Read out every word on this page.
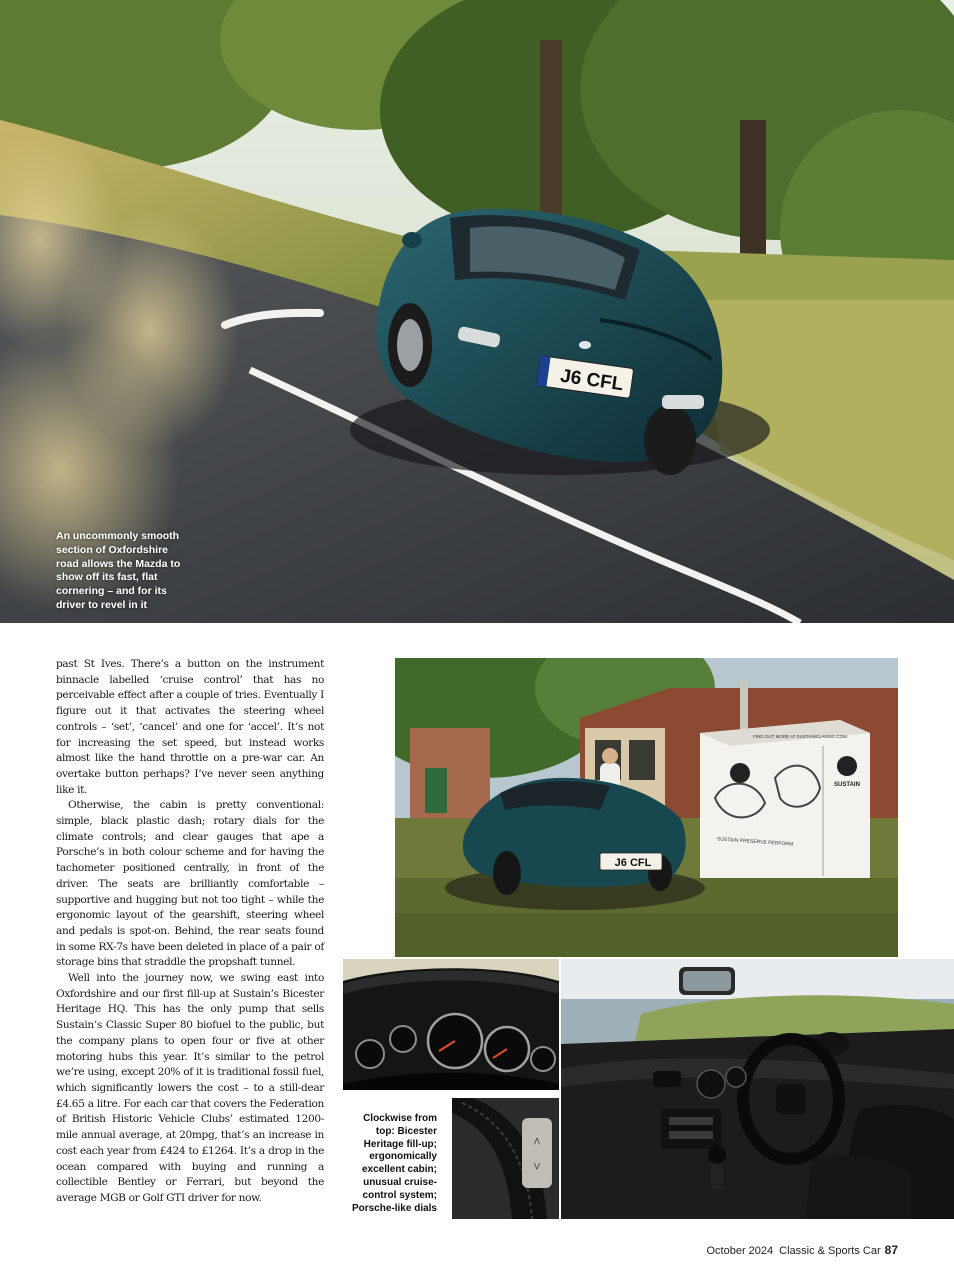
J6 CFL
An uncommonly smooth section of Oxfordshire road allows the Mazda to show off its fast, flat cornering – and for its driver to revel in it

past St Ives. There’s a button on the instrument binnacle labelled ‘cruise control’ that has no perceivable effect after a couple of tries. Eventually I figure out it that activates the steering wheel controls – ‘set’, ‘cancel’ and one for ‘accel’. It’s not for increasing the set speed, but instead works almost like the hand throttle on a pre-war car. An overtake button perhaps? I’ve never seen anything like it.

Otherwise, the cabin is pretty conventional: simple, black plastic dash; rotary dials for the climate controls; and clear gauges that ape a Porsche’s in both colour scheme and for having the tachometer positioned centrally, in front of the driver. The seats are brilliantly comfortable – supportive and hugging but not too tight – while the ergonomic layout of the gearshift, steering wheel and pedals is spot-on. Behind, the rear seats found in some RX-7s have been deleted in place of a pair of storage bins that straddle the propshaft tunnel.

Well into the journey now, we swing east into Oxfordshire and our first fill-up at Sustain’s Bicester Heritage HQ. This has the only pump that sells Sustain’s Classic Super 80 biofuel to the public, but the company plans to open four or five at other motoring hubs this year. It’s similar to the petrol we’re using, except 20% of it is traditional fossil fuel, which significantly lowers the cost – to a still-dear £4.65 a litre. For each car that covers the Federation of British Historic Vehicle Clubs’ estimated 1200-mile annual average, at 20mpg, that’s an increase in cost each year from £424 to £1264. It’s a drop in the ocean compared with buying and running a collectible Bentley or Ferrari, but beyond the average MGB or Golf GTI driver for now.

FIND OUT MORE AT SUSTAINCLASSIC.COM
SUSTAIN
SUSTAIN PRESERVE PERFORM
J6 CFL
⋀
⋁
Clockwise from top: Bicester Heritage fill-up; ergonomically excellent cabin; unusual cruise-control system; Porsche-like dials
October 2024 Classic & Sports Car 87
